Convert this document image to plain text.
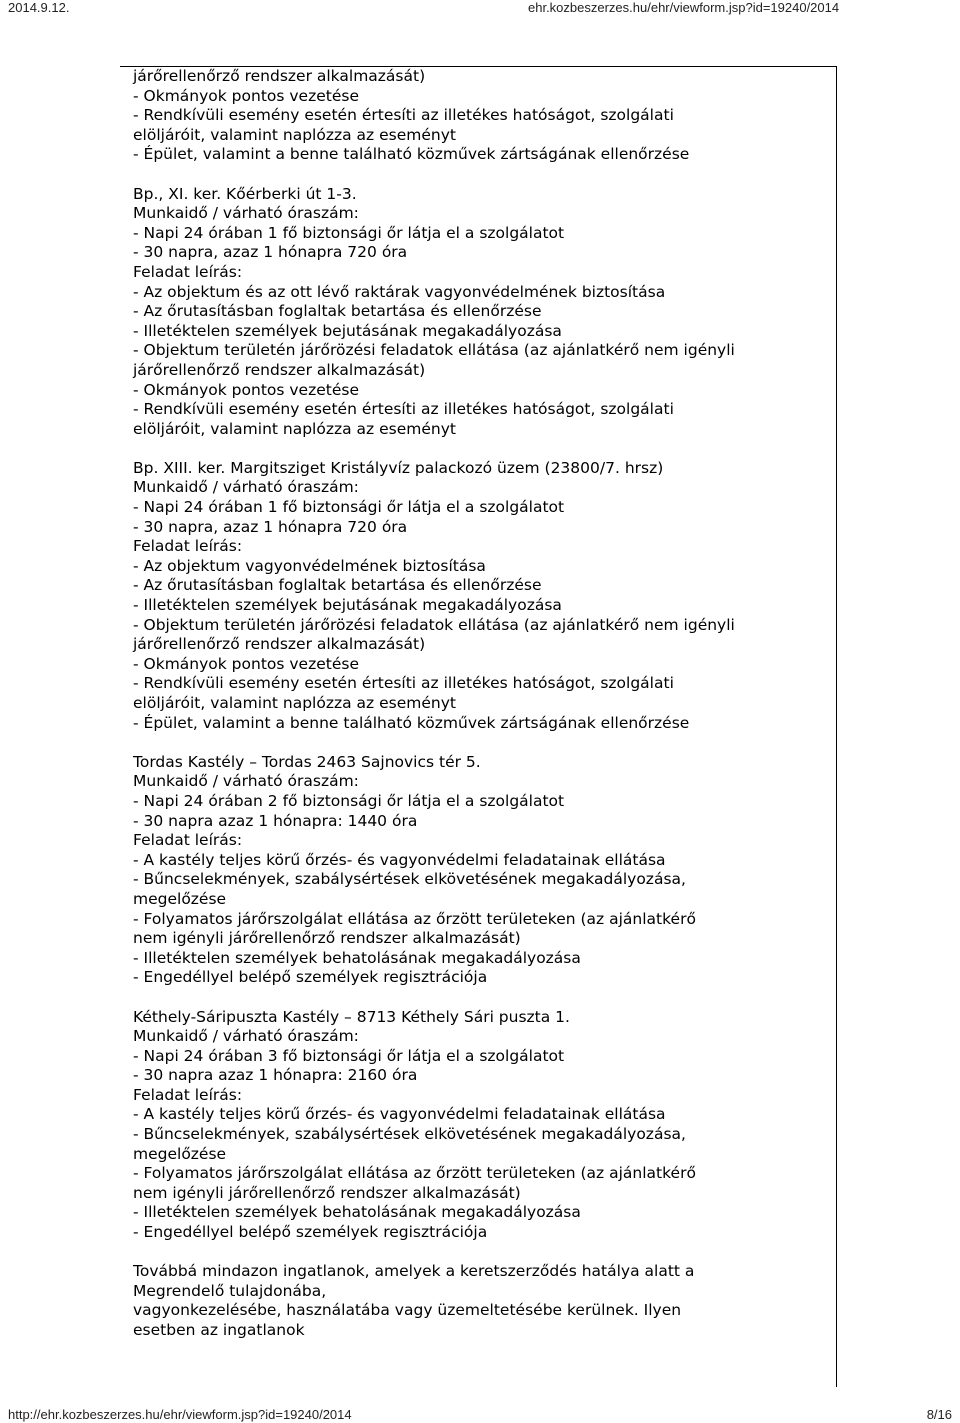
2014.9.12.	ehr.kozbeszerzes.hu/ehr/viewform.jsp?id=19240/2014
járőrellenőrző rendszer alkalmazását)
- Okmányok pontos vezetése
- Rendkívüli esemény esetén értesíti az illetékes hatóságot, szolgálati
elöljáróit, valamint naplózza az eseményt
- Épület, valamint a benne található közművek zártságának ellenőrzése
Bp., XI. ker. Kőérberki út 1-3.
Munkaidő / várható óraszám:
- Napi 24 órában 1 fő biztonsági őr látja el a szolgálatot
- 30 napra, azaz 1 hónapra 720 óra
Feladat leírás:
- Az objektum és az ott lévő raktárak vagyonvédelmének biztosítása
- Az őrutasításban foglaltak betartása és ellenőrzése
- Illetéktelen személyek bejutásának megakadályozása
- Objektum területén járőrözési feladatok ellátása (az ajánlatkérő nem igényli
járőrellenőrző rendszer alkalmazását)
- Okmányok pontos vezetése
- Rendkívüli esemény esetén értesíti az illetékes hatóságot, szolgálati
elöljáróit, valamint naplózza az eseményt
Bp. XIII. ker. Margitsziget Kristályvíz palackozó üzem (23800/7. hrsz)
Munkaidő / várható óraszám:
- Napi 24 órában 1 fő biztonsági őr látja el a szolgálatot
- 30 napra, azaz 1 hónapra 720 óra
Feladat leírás:
- Az objektum vagyonvédelmének biztosítása
- Az őrutasításban foglaltak betartása és ellenőrzése
- Illetéktelen személyek bejutásának megakadályozása
- Objektum területén járőrözési feladatok ellátása (az ajánlatkérő nem igényli
járőrellenőrző rendszer alkalmazását)
- Okmányok pontos vezetése
- Rendkívüli esemény esetén értesíti az illetékes hatóságot, szolgálati
elöljáróit, valamint naplózza az eseményt
- Épület, valamint a benne található közművek zártságának ellenőrzése
Tordas Kastély – Tordas 2463 Sajnovics tér 5.
Munkaidő / várható óraszám:
- Napi 24 órában 2 fő biztonsági őr látja el a szolgálatot
- 30 napra azaz 1 hónapra: 1440 óra
Feladat leírás:
- A kastély teljes körű őrzés- és vagyonvédelmi feladatainak ellátása
- Bűncselekmények, szabálysértések elkövetésének megakadályozása,
megelőzése
- Folyamatos járőrszolgálat ellátása az őrzött területeken (az ajánlatkérő
nem igényli járőrellenőrző rendszer alkalmazását)
- Illetéktelen személyek behatolásának megakadályozása
- Engedéllyel belépő személyek regisztrációja
Kéthely-Sáripuszta Kastély – 8713 Kéthely Sári puszta 1.
Munkaidő / várható óraszám:
- Napi 24 órában 3 fő biztonsági őr látja el a szolgálatot
- 30 napra azaz 1 hónapra: 2160 óra
Feladat leírás:
- A kastély teljes körű őrzés- és vagyonvédelmi feladatainak ellátása
- Bűncselekmények, szabálysértések elkövetésének megakadályozása,
megelőzése
- Folyamatos járőrszolgálat ellátása az őrzött területeken (az ajánlatkérő
nem igényli járőrellenőrző rendszer alkalmazását)
- Illetéktelen személyek behatolásának megakadályozása
- Engedéllyel belépő személyek regisztrációja
Továbbá mindazon ingatlanok, amelyek a keretszerződés hatálya alatt a
Megrendelő tulajdonába,
vagyonkezelésébe, használatába vagy üzemeltetésébe kerülnek. Ilyen
esetben az ingatlanok
http://ehr.kozbeszerzes.hu/ehr/viewform.jsp?id=19240/2014	8/16
